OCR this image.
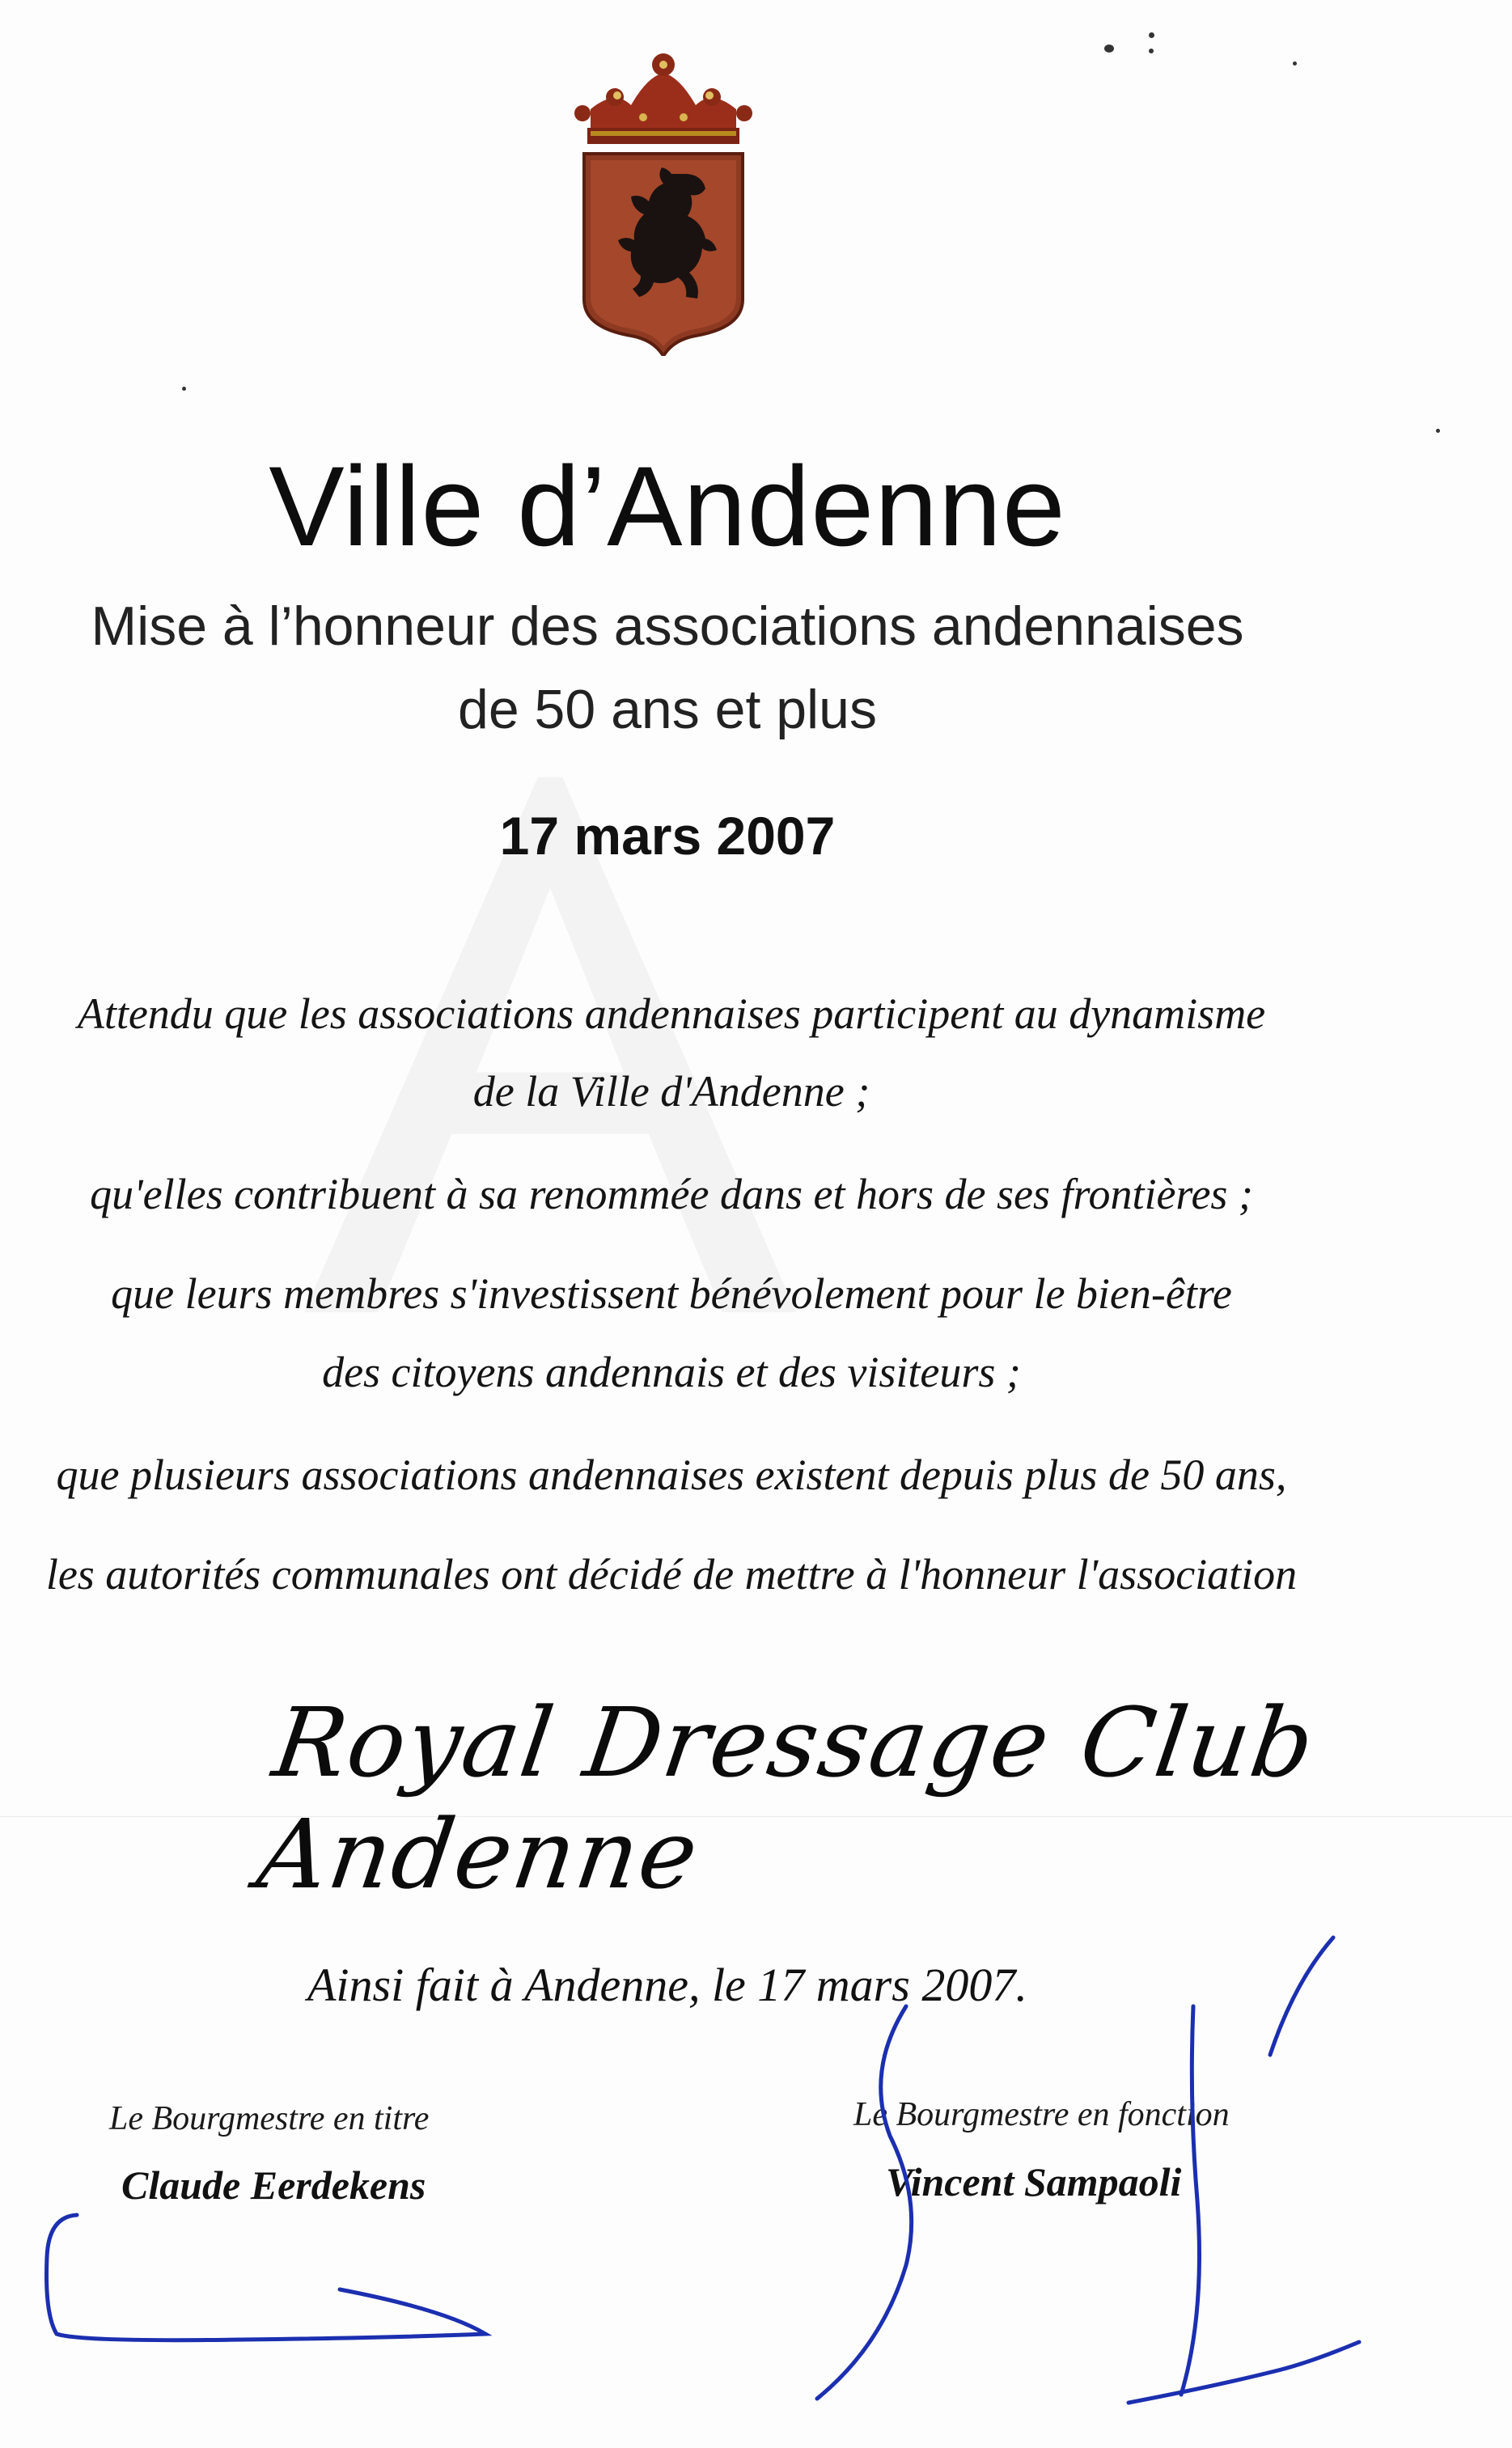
Ville d’Andenne
Mise à l’honneur des associations andennaises
de 50 ans et plus
17 mars 2007
Attendu que les associations andennaises participent au dynamisme
de la Ville d'Andenne ;
qu'elles contribuent à sa renommée dans et hors de ses frontières ;
que leurs membres s'investissent bénévolement pour le bien-être
des citoyens andennais et des visiteurs ;
que plusieurs associations andennaises existent depuis plus de 50 ans,
les autorités communales ont décidé de mettre à l'honneur l'association
Royal Dressage Club Andenne
Ainsi fait à Andenne, le 17 mars 2007.
Le Bourgmestre en titre
Claude Eerdekens
Le Bourgmestre en fonction
Vincent Sampaoli
